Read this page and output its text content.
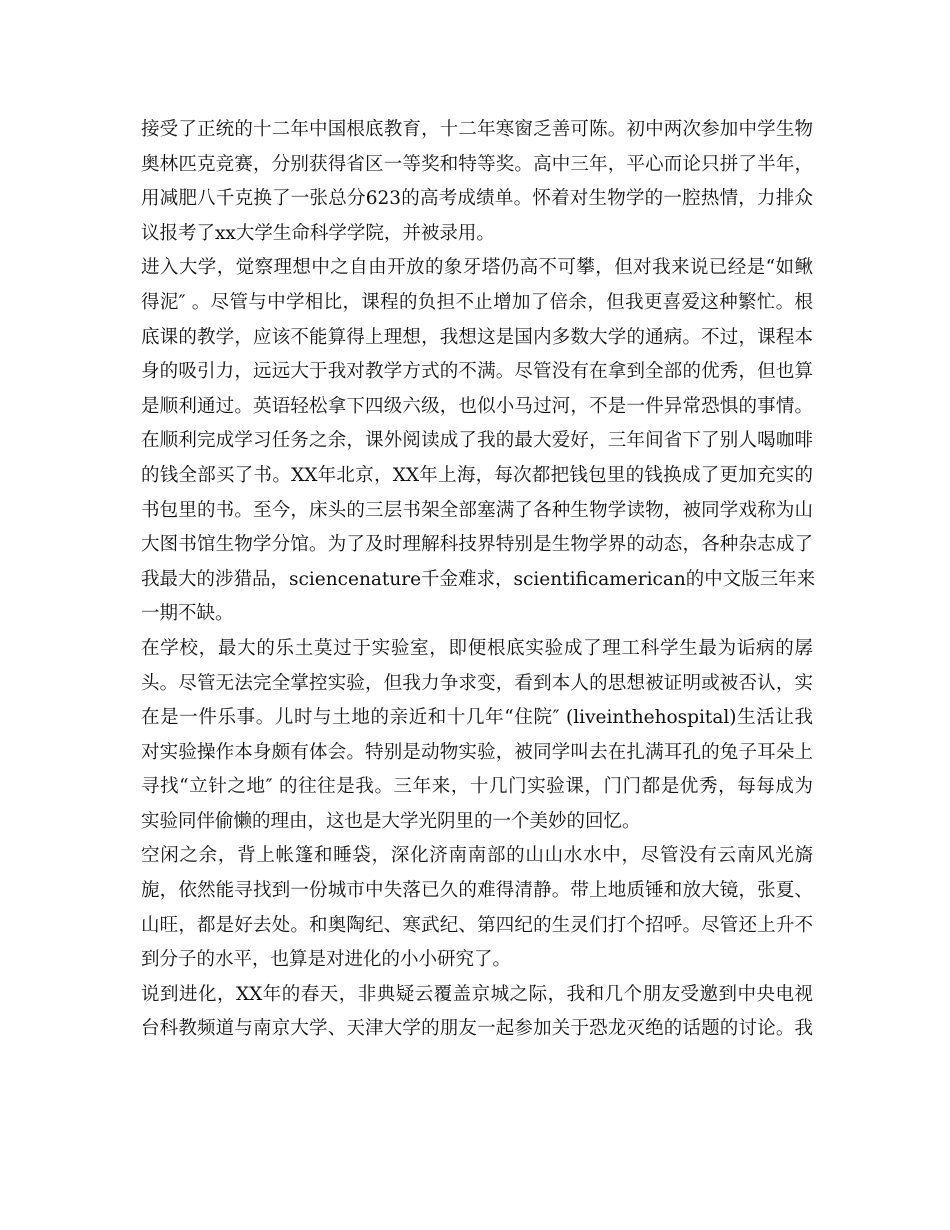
接受了正统的十二年中国根底教育，十二年寒窗乏善可陈。初中两次参加中学生物
奥林匹克竞赛，分别获得省区一等奖和特等奖。高中三年，平心而论只拼了半年，
用减肥八千克换了一张总分623的高考成绩单。怀着对生物学的一腔热情，力排众
议报考了xx大学生命科学学院，并被录用。
进入大学，觉察理想中之自由开放的象牙塔仍高不可攀，但对我来说已经是“如鳅
得泥″ 。尽管与中学相比，课程的负担不止增加了倍余，但我更喜爱这种繁忙。根
底课的教学，应该不能算得上理想，我想这是国内多数大学的通病。不过，课程本
身的吸引力，远远大于我对教学方式的不满。尽管没有在拿到全部的优秀，但也算
是顺利通过。英语轻松拿下四级六级，也似小马过河，不是一件异常恐惧的事情。
在顺利完成学习任务之余，课外阅读成了我的最大爱好，三年间省下了别人喝咖啡
的钱全部买了书。XX年北京，XX年上海，每次都把钱包里的钱换成了更加充实的
书包里的书。至今，床头的三层书架全部塞满了各种生物学读物，被同学戏称为山
大图书馆生物学分馆。为了及时理解科技界特别是生物学界的动态，各种杂志成了
我最大的涉猎品，sciencenature千金难求，scientificamerican的中文版三年来
一期不缺。
在学校，最大的乐土莫过于实验室，即便根底实验成了理工科学生最为诟病的孱
头。尽管无法完全掌控实验，但我力争求变，看到本人的思想被证明或被否认，实
在是一件乐事。儿时与土地的亲近和十几年“住院″ (liveinthehospital)生活让我
对实验操作本身颇有体会。特别是动物实验，被同学叫去在扎满耳孔的兔子耳朵上
寻找“立针之地″ 的往往是我。三年来，十几门实验课，门门都是优秀，每每成为
实验同伴偷懒的理由，这也是大学光阴里的一个美妙的回忆。
空闲之余，背上帐篷和睡袋，深化济南南部的山山水水中，尽管没有云南风光旖
旎，依然能寻找到一份城市中失落已久的难得清静。带上地质锤和放大镜，张夏、
山旺，都是好去处。和奥陶纪、寒武纪、第四纪的生灵们打个招呼。尽管还上升不
到分子的水平，也算是对进化的小小研究了。
说到进化，XX年的春天，非典疑云覆盖京城之际，我和几个朋友受邀到中央电视
台科教频道与南京大学、天津大学的朋友一起参加关于恐龙灭绝的话题的讨论。我
